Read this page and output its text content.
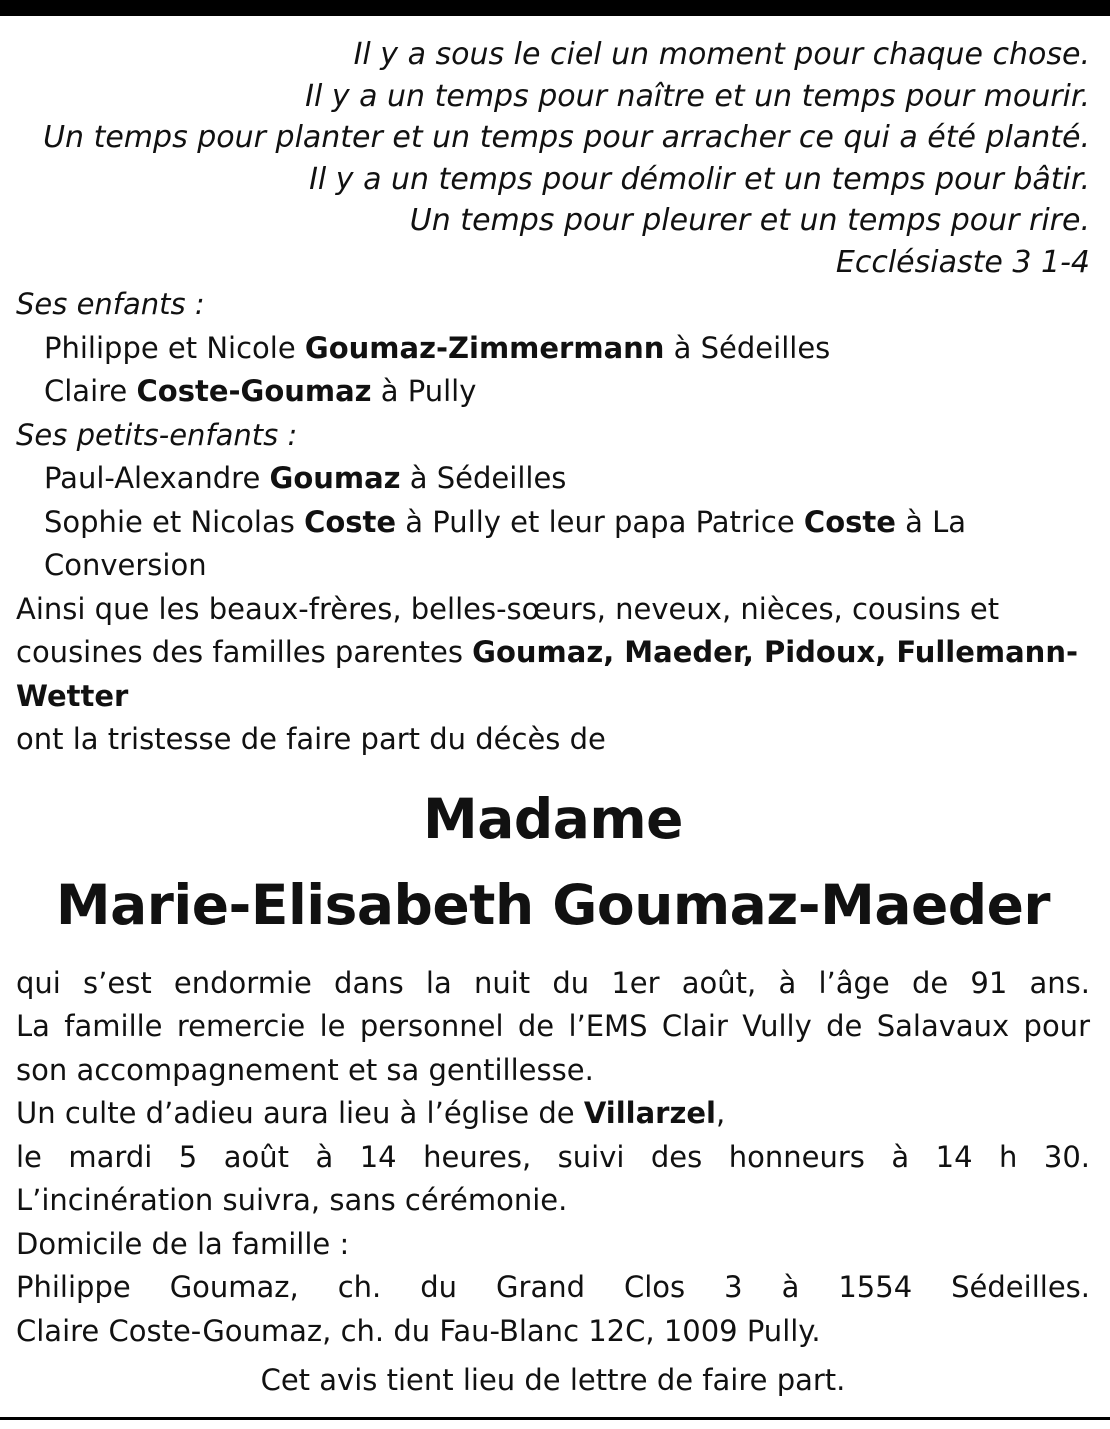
Il y a sous le ciel un moment pour chaque chose.
Il y a un temps pour naître et un temps pour mourir.
Un temps pour planter et un temps pour arracher ce qui a été planté.
Il y a un temps pour démolir et un temps pour bâtir.
Un temps pour pleurer et un temps pour rire.
Ecclésiaste 3 1-4
Ses enfants :
Philippe et Nicole Goumaz-Zimmermann à Sédeilles
Claire Coste-Goumaz à Pully
Ses petits-enfants :
Paul-Alexandre Goumaz à Sédeilles
Sophie et Nicolas Coste à Pully et leur papa Patrice Coste à La Conversion
Ainsi que les beaux-frères, belles-sœurs, neveux, nièces, cousins et cousines des familles parentes Goumaz, Maeder, Pidoux, Fullemann-Wetter
ont la tristesse de faire part du décès de
Madame
Marie-Elisabeth Goumaz-Maeder
qui s’est endormie dans la nuit du 1er août, à l’âge de 91 ans.
La famille remercie le personnel de l’EMS Clair Vully de Salavaux pour son accompagnement et sa gentillesse.
Un culte d’adieu aura lieu à l’église de Villarzel,
le mardi 5 août à 14 heures, suivi des honneurs à 14 h 30.
L’incinération suivra, sans cérémonie.
Domicile de la famille :
Philippe Goumaz, ch. du Grand Clos 3 à 1554 Sédeilles.
Claire Coste-Goumaz, ch. du Fau-Blanc 12C, 1009 Pully.
Cet avis tient lieu de lettre de faire part.
